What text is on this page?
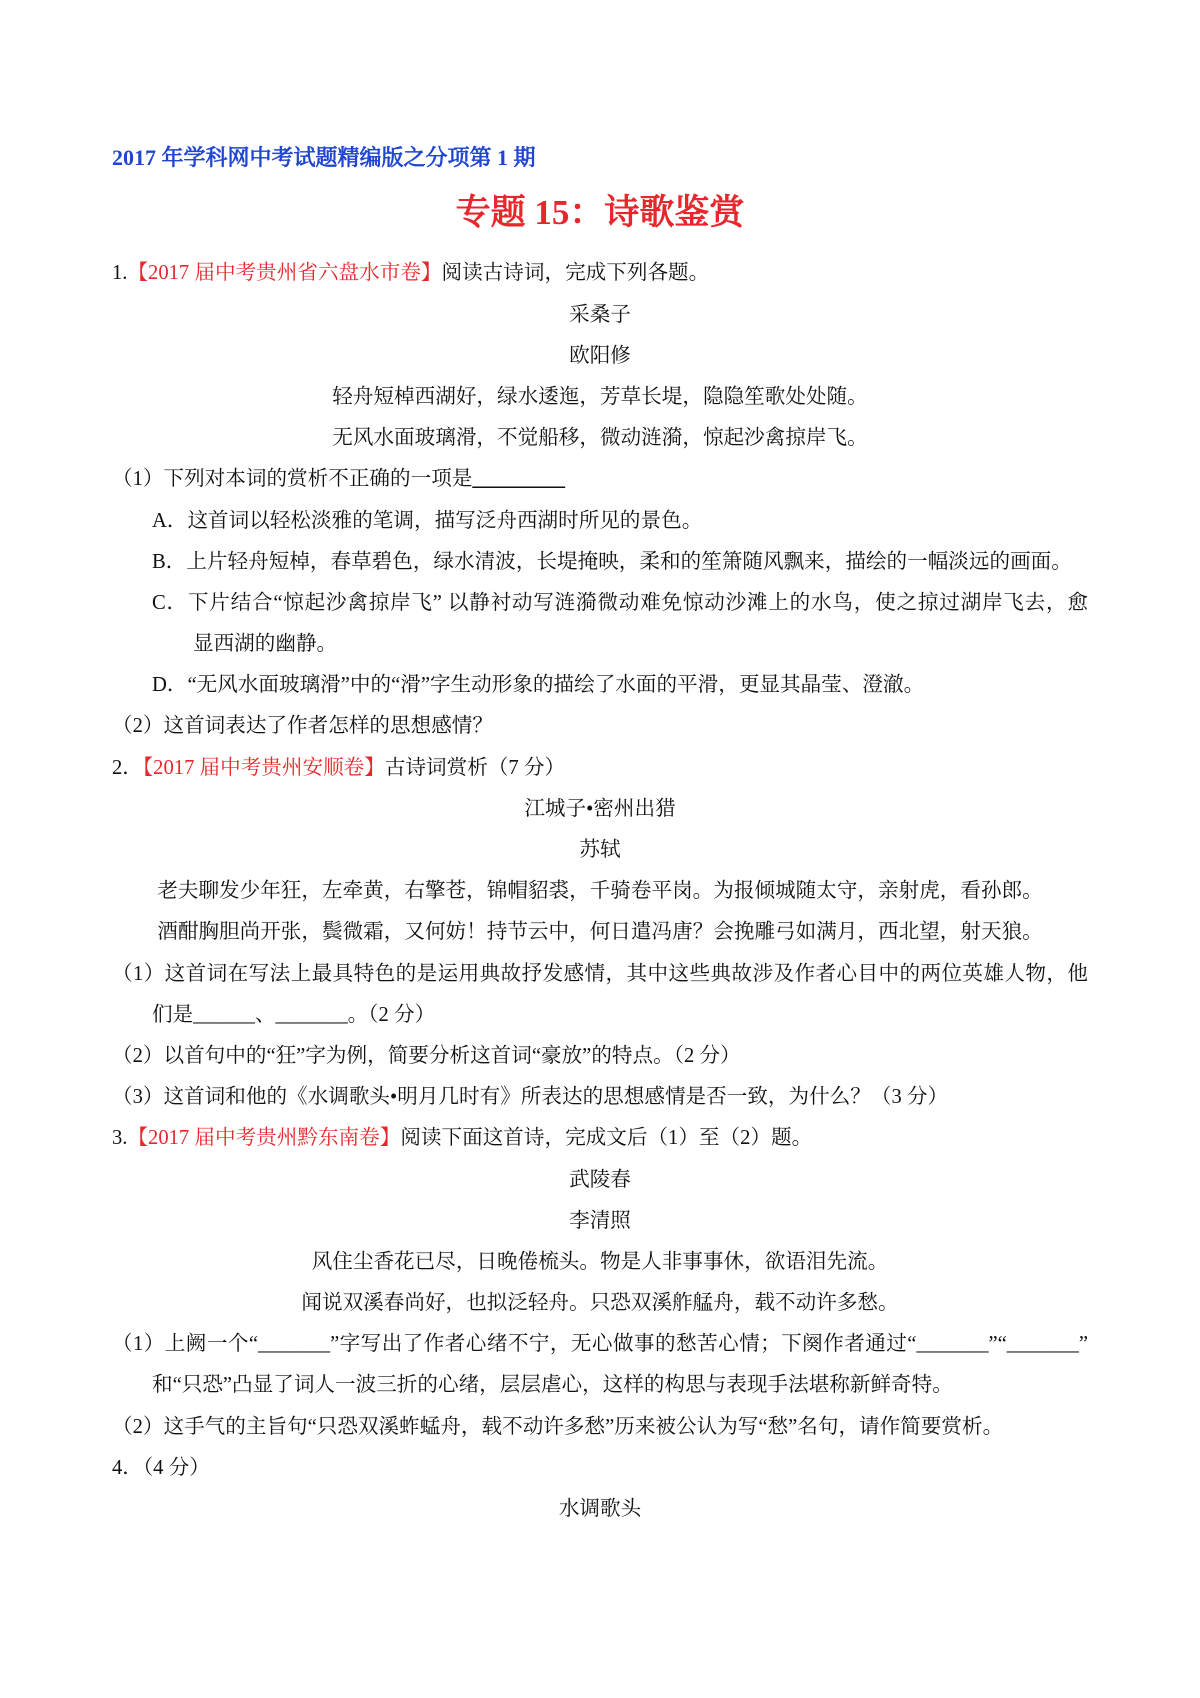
2017 年学科网中考试题精编版之分项第 1 期
专题 15：诗歌鉴赏
1.【2017 届中考贵州省六盘水市卷】阅读古诗词，完成下列各题。
采桑子
欧阳修
轻舟短棹西湖好，绿水逶迤，芳草长堤，隐隐笙歌处处随。
无风水面玻璃滑，不觉船移，微动涟漪，惊起沙禽掠岸飞。
（1）下列对本词的赏析不正确的一项是_________
A．这首词以轻松淡雅的笔调，描写泛舟西湖时所见的景色。
B．上片轻舟短棹，春草碧色，绿水清波，长堤掩映，柔和的笙箫随风飘来，描绘的一幅淡远的画面。
C．下片结合“惊起沙禽掠岸飞” 以静衬动写涟漪微动难免惊动沙滩上的水鸟，使之掠过湖岸飞去，愈
显西湖的幽静。
D．“无风水面玻璃滑”中的“滑”字生动形象的描绘了水面的平滑，更显其晶莹、澄澈。
（2）这首词表达了作者怎样的思想感情？
2．【2017 届中考贵州安顺卷】古诗词赏析（7 分）
江城子•密州出猎
苏轼
老夫聊发少年狂，左牵黄，右擎苍，锦帽貂裘，千骑卷平岗。为报倾城随太守，亲射虎，看孙郎。
酒酣胸胆尚开张，鬓微霜，又何妨！持节云中，何日遣冯唐？会挽雕弓如满月，西北望，射天狼。
（1）这首词在写法上最具特色的是运用典故抒发感情，其中这些典故涉及作者心目中的两位英雄人物，他
们是______、_______。（2 分）
（2）以首句中的“狂”字为例，简要分析这首词“豪放”的特点。（2 分）
（3）这首词和他的《水调歌头•明月几时有》所表达的思想感情是否一致，为什么？（3 分）
3.【2017 届中考贵州黔东南卷】阅读下面这首诗，完成文后（1）至（2）题。
武陵春
李清照
风住尘香花已尽，日晚倦梳头。物是人非事事休，欲语泪先流。
闻说双溪春尚好，也拟泛轻舟。只恐双溪舴艋舟，载不动许多愁。
（1）上阙一个“_______”字写出了作者心绪不宁，无心做事的愁苦心情；下阕作者通过“_______”“_______”
和“只恐”凸显了词人一波三折的心绪，层层虐心，这样的构思与表现手法堪称新鲜奇特。
（2）这手气的主旨句“只恐双溪蚱蜢舟，载不动许多愁”历来被公认为写“愁”名句，请作简要赏析。
4．（4 分）
水调歌头
